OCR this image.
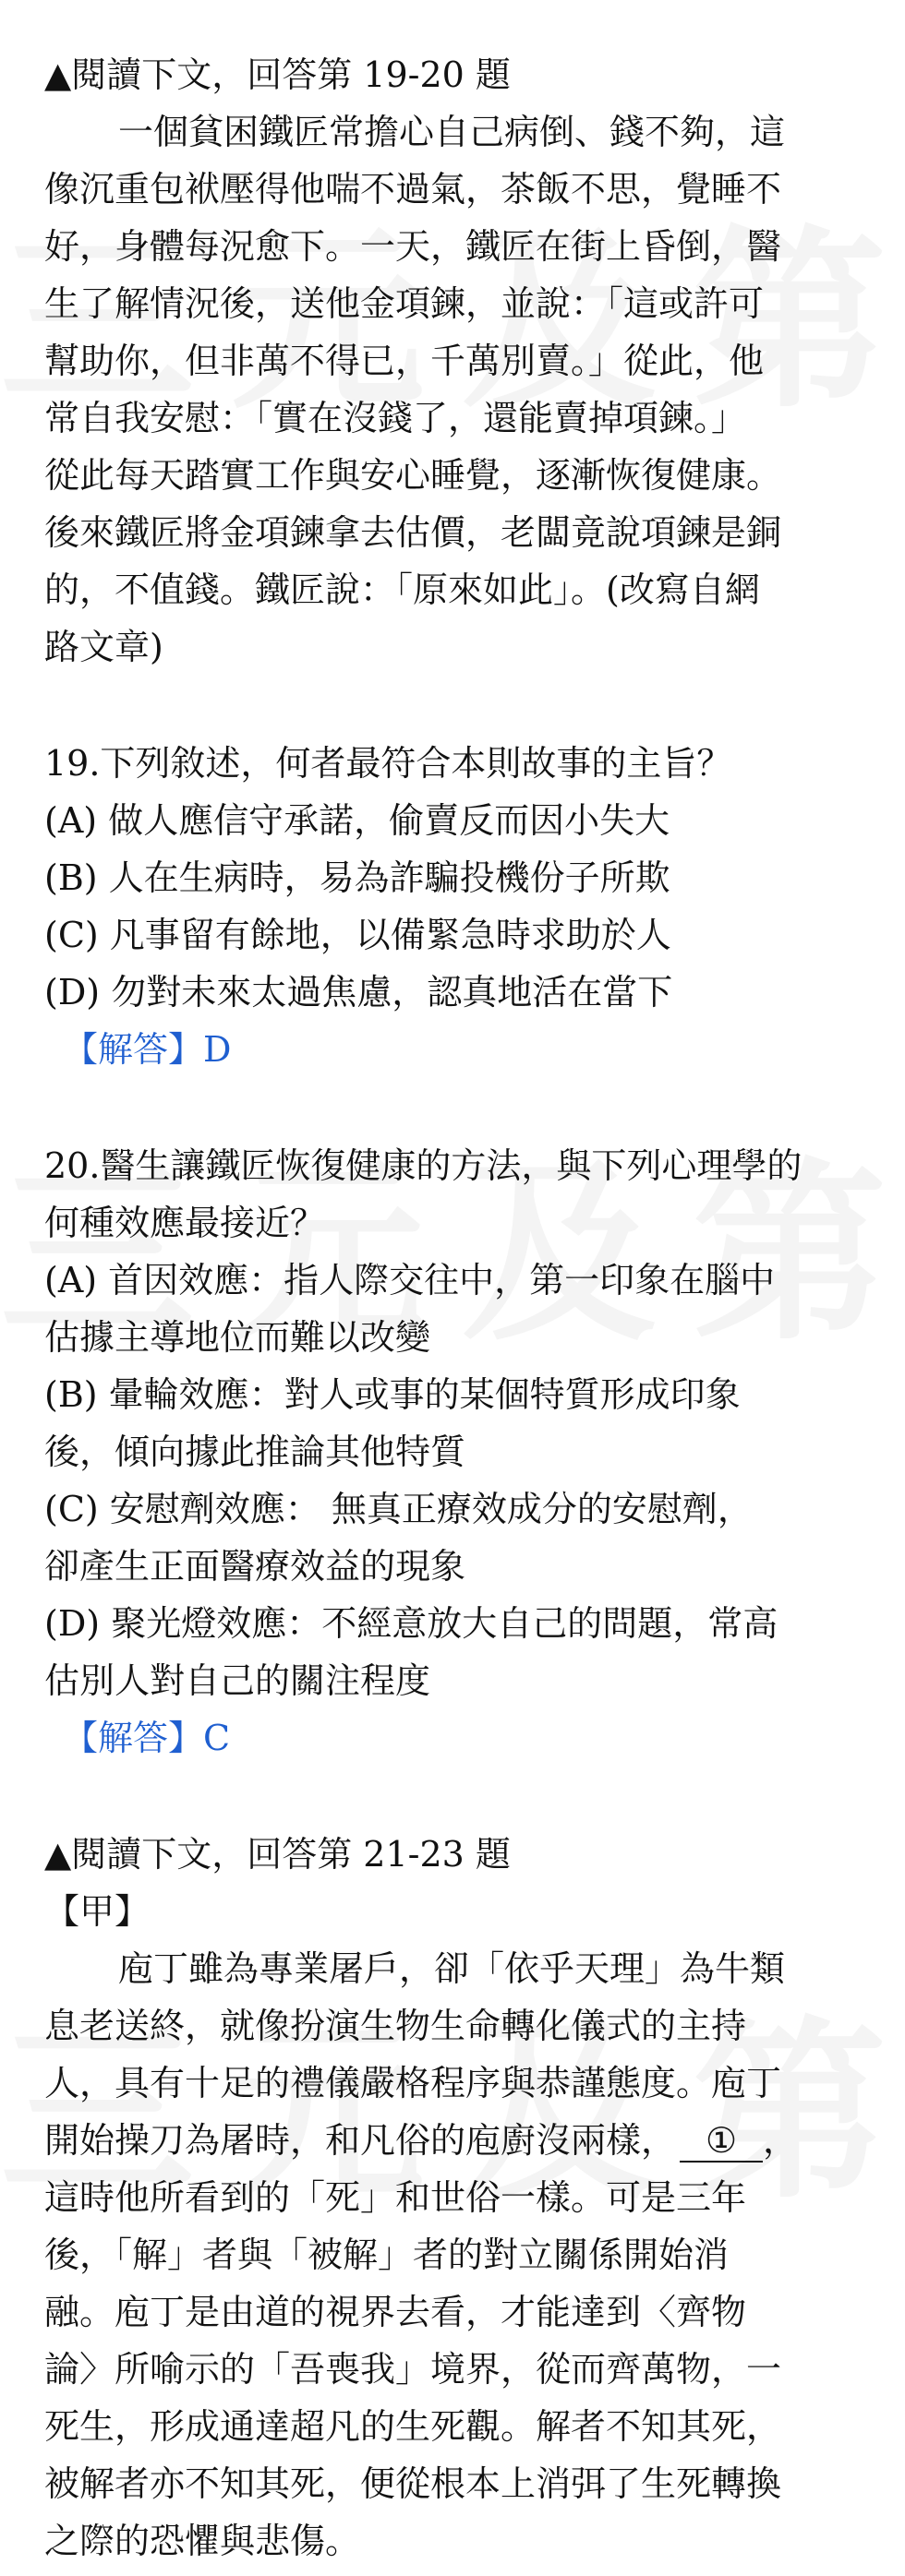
▲閱讀下文，回答第 19-20 題
一個貧困鐵匠常擔心自己病倒、錢不夠，這
像沉重包袱壓得他喘不過氣，茶飯不思，覺睡不
好，身體每況愈下。一天，鐵匠在街上昏倒，醫
生了解情況後，送他金項鍊，並說：「這或許可
幫助你，但非萬不得已，千萬別賣。」從此，他
常自我安慰：「實在沒錢了，還能賣掉項鍊。」
從此每天踏實工作與安心睡覺，逐漸恢復健康。
後來鐵匠將金項鍊拿去估價，老闆竟說項鍊是銅
的，不值錢。鐵匠說：「原來如此」。(改寫自網
路文章)
19.下列敘述，何者最符合本則故事的主旨？
(A) 做人應信守承諾，偷賣反而因小失大
(B) 人在生病時，易為詐騙投機份子所欺
(C) 凡事留有餘地，以備緊急時求助於人
(D) 勿對未來太過焦慮，認真地活在當下
【解答】D
20.醫生讓鐵匠恢復健康的方法，與下列心理學的
何種效應最接近？
(A) 首因效應：指人際交往中，第一印象在腦中
估據主導地位而難以改變
(B) 暈輪效應：對人或事的某個特質形成印象
後，傾向據此推論其他特質
(C) 安慰劑效應： 無真正療效成分的安慰劑，
卻產生正面醫療效益的現象
(D) 聚光燈效應：不經意放大自己的問題，常高
估別人對自己的關注程度
【解答】C
▲閱讀下文，回答第 21-23 題
【甲】
庖丁雖為專業屠戶，卻「依乎天理」為牛類
息老送終，就像扮演生物生命轉化儀式的主持
人，具有十足的禮儀嚴格程序與恭謹態度。庖丁
開始操刀為屠時，和凡俗的庖廚沒兩樣， ① ，
這時他所看到的「死」和世俗一樣。可是三年
後，「解」者與「被解」者的對立關係開始消
融。庖丁是由道的視界去看，才能達到〈齊物
論〉所喻示的「吾喪我」境界，從而齊萬物，一
死生，形成通達超凡的生死觀。解者不知其死，
被解者亦不知其死，便從根本上消弭了生死轉換
之際的恐懼與悲傷。
